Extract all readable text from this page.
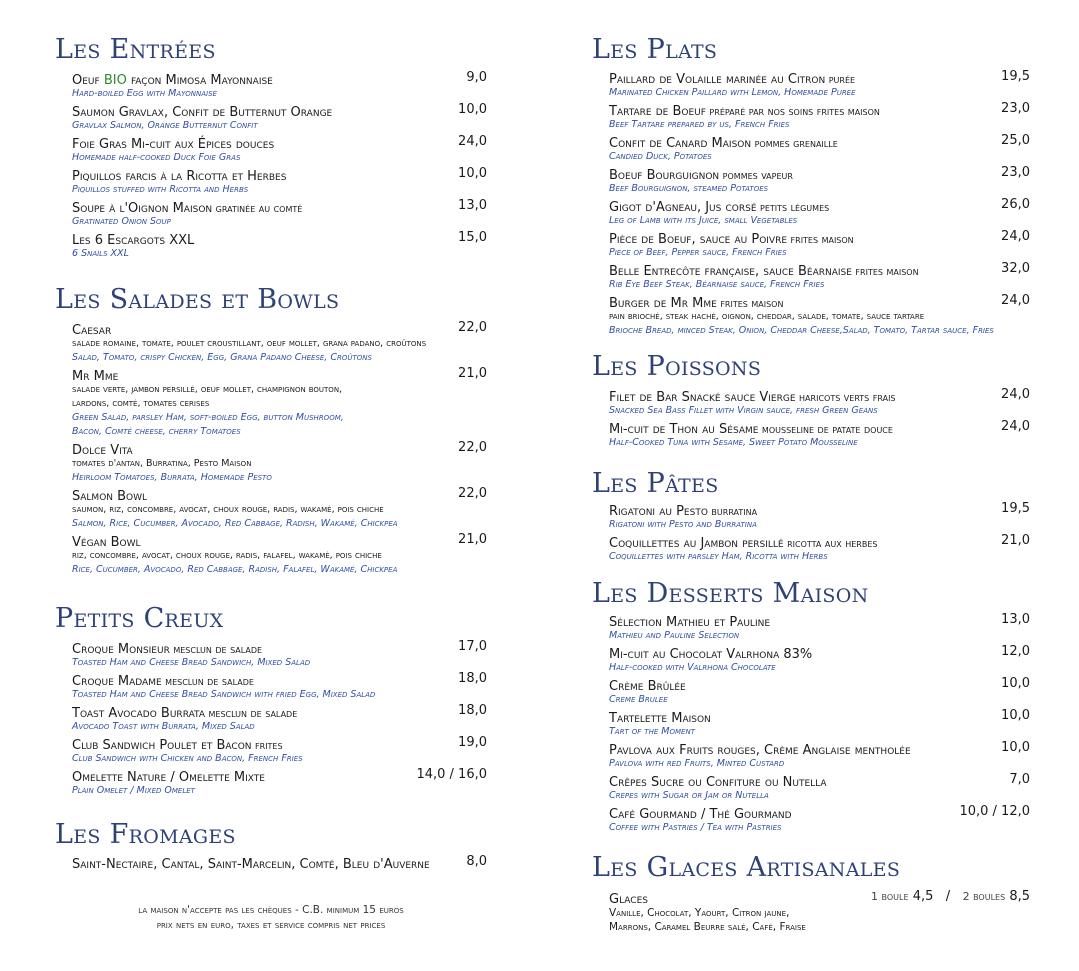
Les Entrées
Oeuf BIO façon Mimosa Mayonnaise	9,0
Hard-boiled Egg with Mayonnaise
Saumon Gravlax, Confit de Butternut Orange	10,0
Gravlax Salmon, Orange Butternut Confit
Foie Gras Mi-cuit aux Épices douces	24,0
Homemade half-cooked Duck Foie Gras
Piquillos farcis à la Ricotta et Herbes	10,0
Piquillos stuffed with Ricotta and Herbs
Soupe à l'Oignon Maison gratinée au comté	13,0
Gratinated Onion Soup
Les 6 Escargots XXL	15,0
6 Snails XXL
Les Salades et Bowls
Caesar	22,0
salade romaine, tomate, poulet croustillant, oeuf mollet, grana padano, croûtons
Salad, Tomato, crispy Chicken, Egg, Grana Padano Cheese, Croûtons
Mr Mme	21,0
salade verte, jambon persillé, oeuf mollet, champignon bouton,
lardons, comté, tomates cerises
Green Salad, parsley Ham, soft-boiled Egg, button Mushroom,
Bacon, Comté cheese, cherry Tomatoes
Dolce Vita	22,0
tomates d'antan, Burratina, Pesto Maison
Heirloom Tomatoes, Burrata, Homemade Pesto
Salmon Bowl	22,0
saumon, riz, concombre, avocat, choux rouge, radis, wakamé, pois chiche
Salmon, Rice, Cucumber, Avocado, Red Cabbage, Radish, Wakamé, Chickpea
Végan Bowl	21,0
riz, concombre, avocat, choux rouge, radis, falafel, wakamé, pois chiche
Rice, Cucumber, Avocado, Red Cabbage, Radish, Falafel, Wakamé, Chickpea
Petits Creux
Croque Monsieur mesclun de salade	17,0
Toasted Ham and Cheese Bread Sandwich, Mixed Salad
Croque Madame mesclun de salade	18,0
Toasted Ham and Cheese Bread Sandwich with fried Egg, Mixed Salad
Toast Avocado Burrata mesclun de salade	18,0
Avocado Toast with Burrata, Mixed Salad
Club Sandwich Poulet et Bacon frites	19,0
Club Sandwich with Chicken and Bacon, French Fries
Omelette Nature / Omelette Mixte	14,0 / 16,0
Plain Omelet / Mixed Omelet
Les Fromages
Saint-Nectaire, Cantal, Saint-Marcelin, Comté, Bleu d'Auverne	8,0
la maison n'accepte pas les chèques - C.B. minimum 15 euros
prix nets en euro, taxes et service compris net prices
Les Plats
Paillard de Volaille marinée au Citron purée	19,5
Marinated Chicken Paillard with Lemon, Homemade Puree
Tartare de Boeuf préparé par nos soins frites maison	23,0
Beef Tartare prepared by us, French Fries
Confit de Canard Maison pommes grenaille	25,0
Candied Duck, Potatoes
Boeuf Bourguignon pommes vapeur	23,0
Beef Bourguignon, steamed Potatoes
Gigot d'Agneau, Jus corsé petits légumes	26,0
Leg of Lamb with its Juice, small Vegetables
Pièce de Boeuf, sauce au Poivre frites maison	24,0
Piece of Beef, Pepper sauce, French Fries
Belle Entrecôte française, sauce Béarnaise frites maison	32,0
Rib Eye Beef Steak, Béarnaise sauce, French Fries
Burger de Mr Mme frites maison	24,0
pain brioché, steak haché, oignon, cheddar, salade, tomate, sauce tartare
Brioche Bread, minced Steak, Onion, Cheddar Cheese,Salad, Tomato, Tartar sauce, Fries
Les Poissons
Filet de Bar Snacké sauce Vierge haricots verts frais	24,0
Snacked Sea Bass Fillet with Virgin sauce, fresh Green Geans
Mi-cuit de Thon au Sésame mousseline de patate douce	24,0
Half-Cooked Tuna with Sesame, Sweet Potato Mousseline
Les Pâtes
Rigatoni au Pesto burratina	19,5
Rigatoni with Pesto and Burratina
Coquillettes au Jambon persillé ricotta aux herbes	21,0
Coquillettes with parsley Ham, Ricotta with Herbs
Les Desserts Maison
Sélection Mathieu et Pauline	13,0
Mathieu and Pauline Selection
Mi-cuit au Chocolat Valrhona 83%	12,0
Half-cooked with Valrhona Chocolate
Crème Brûlée	10,0
Creme Brulee
Tartelette Maison	10,0
Tart of the Moment
Pavlova aux Fruits rouges, Crème Anglaise mentholée	10,0
Pavlova with red Fruits, Minted Custard
Crêpes Sucre ou Confiture ou Nutella	7,0
Crepes with Sugar or Jam or Nutella
Café Gourmand / Thé Gourmand	10,0 / 12,0
Coffee with Pastries / Tea with Pastries
Les Glaces Artisanales
Glaces	1 boule 4,5 / 2 boules 8,5
Vanille, Chocolat, Yaourt, Citron jaune,
Marrons, Caramel Beurre salé, Café, Fraise
